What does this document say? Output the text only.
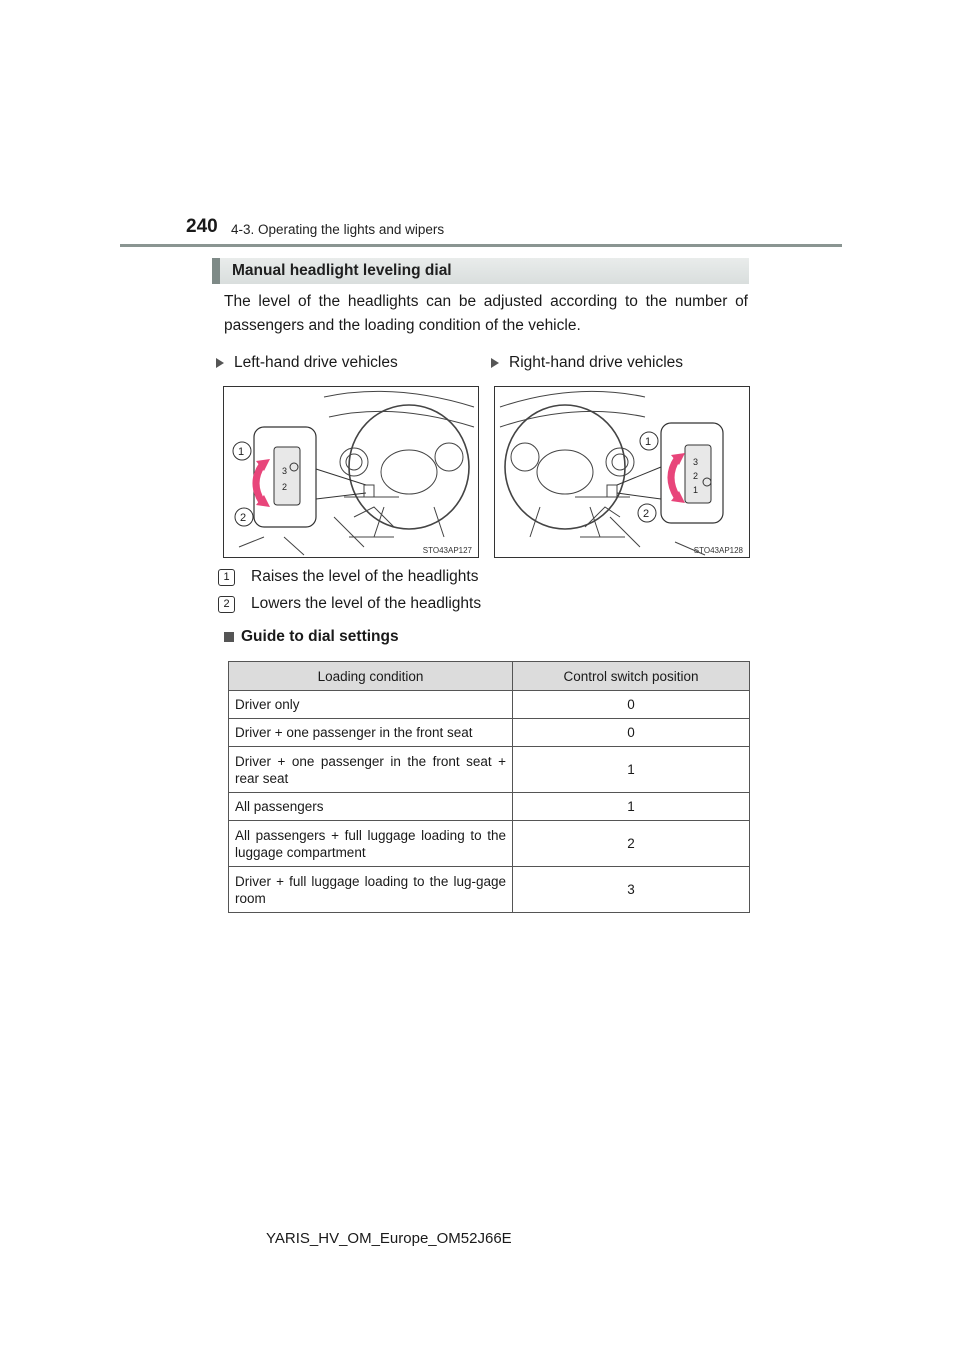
240 4-3. Operating the lights and wipers
Manual headlight leveling dial
The level of the headlights can be adjusted according to the number of passengers and the loading condition of the vehicle.
Left-hand drive vehicles	Right-hand drive vehicles
3
2
1
2
STO43AP127
3
2
1
1
2
STO43AP128
1	Raises the level of the headlights
2	Lowers the level of the headlights
Guide to dial settings
Loading condition	Control switch position
Driver only	0
Driver + one passenger in the front seat	0
Driver + one passenger in the front seat + rear seat	1
All passengers	1
All passengers + full luggage loading to the luggage compartment	2
Driver + full luggage loading to the lug-gage room	3
YARIS_HV_OM_Europe_OM52J66E
